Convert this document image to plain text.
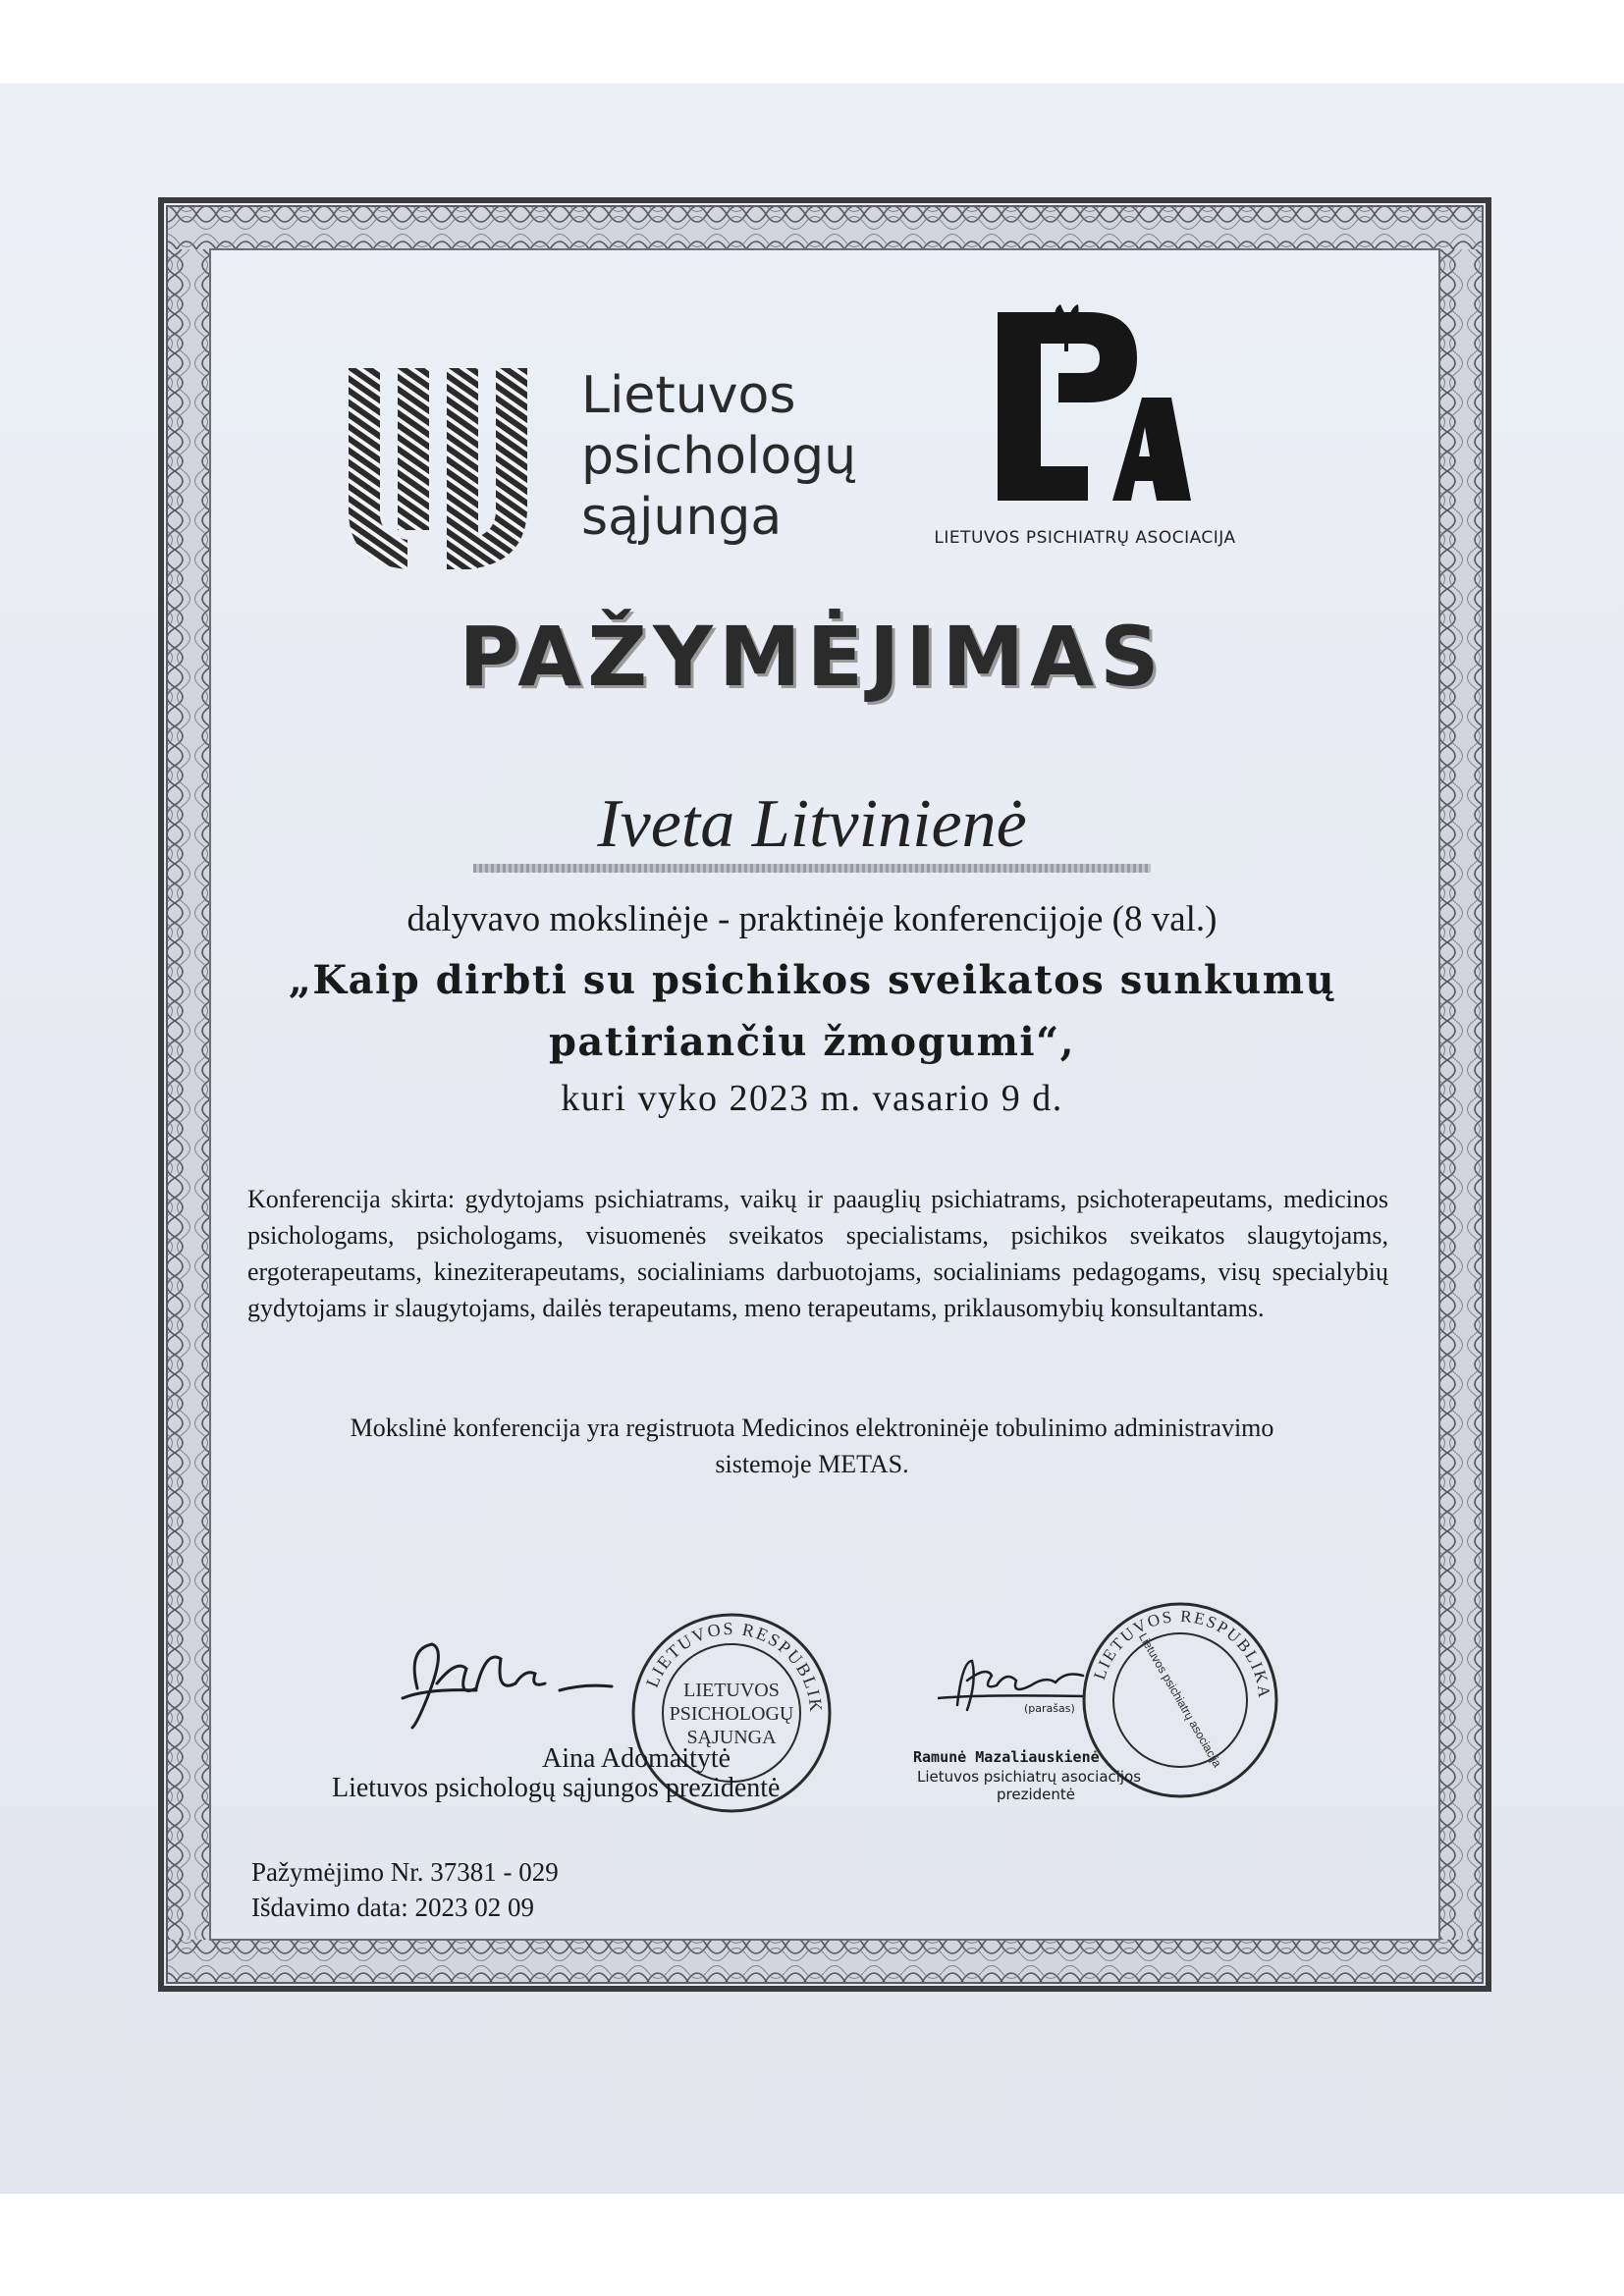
Lietuvos
psichologų
sąjunga	LIETUVOS PSICHIATRŲ ASOCIACIJA
PAŽYMĖJIMAS
Iveta Litvinienė
dalyvavo mokslinėje - praktinėje konferencijoje (8 val.)
„Kaip dirbti su psichikos sveikatos sunkumų
patiriančiu žmogumi“,
kuri vyko 2023 m. vasario 9 d.
Konferencija skirta: gydytojams psichiatrams, vaikų ir paauglių psichiatrams, psichoterapeutams, medicinos psichologams, psichologams, visuomenės sveikatos specialistams, psichikos sveikatos slaugytojams, ergoterapeutams, kineziterapeutams, socialiniams darbuotojams, socialiniams pedagogams, visų specialybių gydytojams ir slaugytojams, dailės terapeutams, meno terapeutams, priklausomybių konsultantams.
Mokslinė konferencija yra registruota Medicinos elektroninėje tobulinimo administravimo
sistemoje METAS.
LIETUVOS RESPUBLIK
LIETUVOS
PSICHOLOGŲ
SĄJUNGA
Aina Adomaitytė
Lietuvos psichologų sąjungos prezidentė
LIETUVOS RESPUBLIKA
Lietuvos psichiatrų asociacija
(parašas)
Ramunė Mazaliauskienė
Lietuvos psichiatrų asociacijos
prezidentė
Pažymėjimo Nr. 37381 - 029
Išdavimo data: 2023 02 09
